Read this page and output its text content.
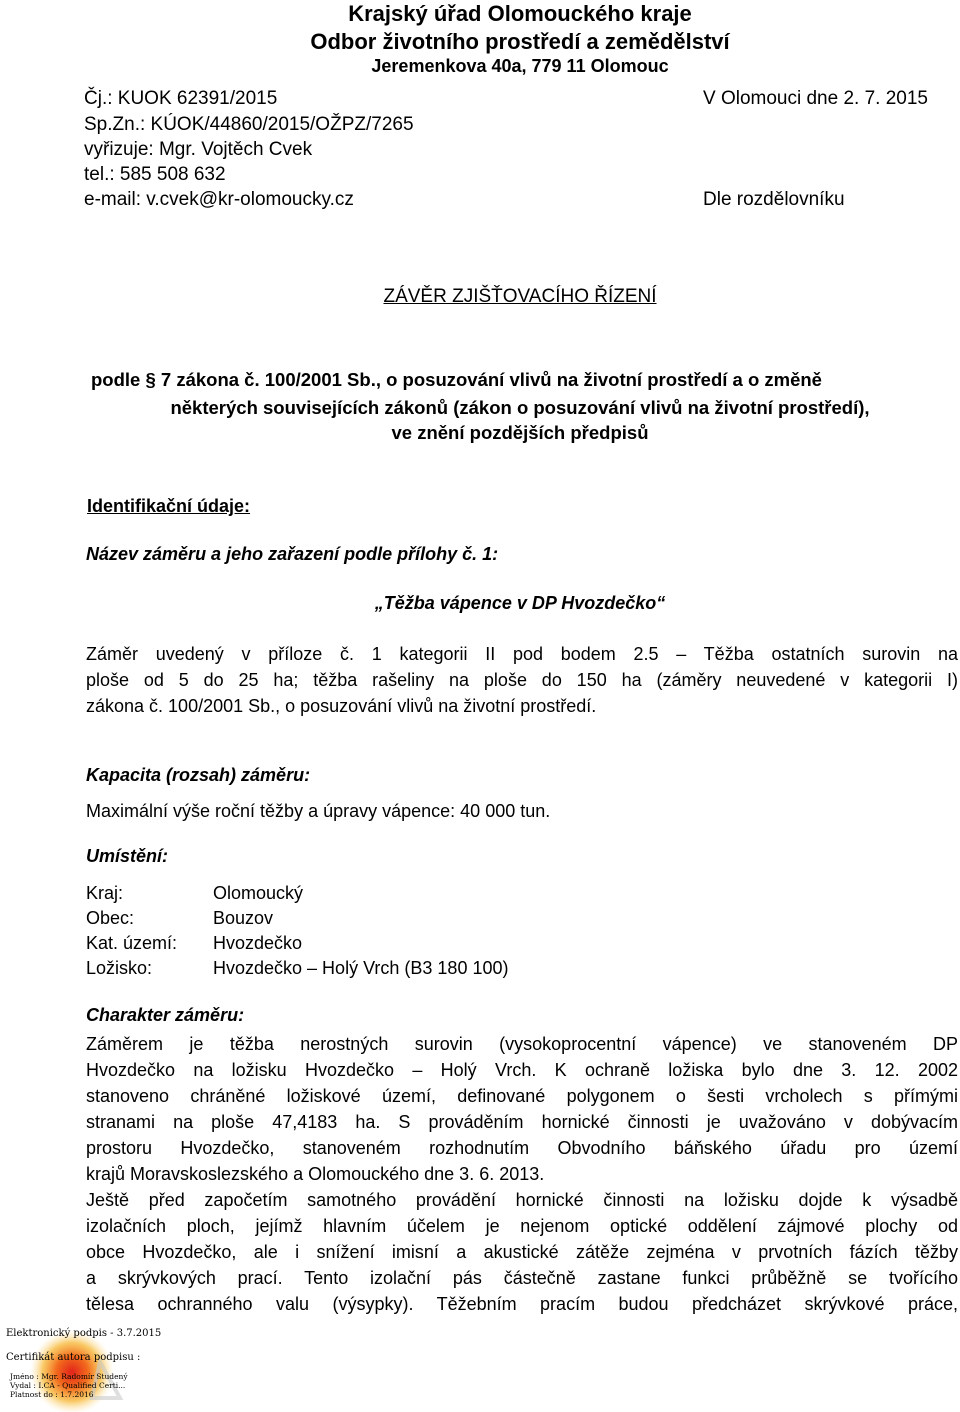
Krajský úřad Olomouckého kraje
Odbor životního prostředí a zemědělství
Jeremenkova 40a, 779 11 Olomouc
Čj.: KUOK 62391/2015
Sp.Zn.: KÚOK/44860/2015/OŽPZ/7265
vyřizuje: Mgr. Vojtěch Cvek
tel.: 585 508 632
e-mail: v.cvek@kr-olomoucky.cz
V Olomouci dne 2. 7. 2015
Dle rozdělovníku
ZÁVĚR ZJIŠŤOVACÍHO ŘÍZENÍ
podle § 7 zákona č. 100/2001 Sb., o posuzování vlivů na životní prostředí a o změně
některých souvisejících zákonů (zákon o posuzování vlivů na životní prostředí),
ve znění pozdějších předpisů
Identifikační údaje:
Název záměru a jeho zařazení podle přílohy č. 1:
„Těžba vápence v DP Hvozdečko“
Záměr uvedený v příloze č. 1 kategorii II pod bodem 2.5 – Těžba ostatních surovin na
ploše od 5 do 25 ha; těžba rašeliny na ploše do 150 ha (záměry neuvedené v kategorii I)
zákona č. 100/2001 Sb., o posuzování vlivů na životní prostředí.
Kapacita (rozsah) záměru:
Maximální výše roční těžby a úpravy vápence: 40 000 tun.
Umístění:
Kraj:	Olomoucký
Obec:	Bouzov
Kat. území: Hvozdečko
Ložisko:	Hvozdečko – Holý Vrch (B3 180 100)
Charakter záměru:
Záměrem je těžba nerostných surovin (vysokoprocentní vápence) ve stanoveném DP
Hvozdečko na ložisku Hvozdečko – Holý Vrch. K ochraně ložiska bylo dne 3. 12. 2002
stanoveno chráněné ložiskové území, definované polygonem o šesti vrcholech s přímými
stranami na ploše 47,4183 ha. S prováděním hornické činnosti je uvažováno v dobývacím
prostoru Hvozdečko, stanoveném rozhodnutím Obvodního báňského úřadu pro území
krajů Moravskoslezského a Olomouckého dne 3. 6. 2013.
Ještě před započetím samotného provádění hornické činnosti na ložisku dojde k výsadbě
izolačních ploch, jejímž hlavním účelem je nejenom optické oddělení zájmové plochy od
obce Hvozdečko, ale i snížení imisní a akustické zátěže zejména v prvotních fázích těžby
a skrývkových prací. Tento izolační pás částečně zastane funkci průběžně se tvořícího
tělesa ochranného valu (výsypky). Těžebním pracím budou předcházet skrývkové práce,
Elektronický podpis - 3.7.2015
Certifikát autora podpisu :
Jméno : Mgr. Radomír Studený
Vydal : I.CA - Qualified Certi...
Platnost do : 1.7.2016
